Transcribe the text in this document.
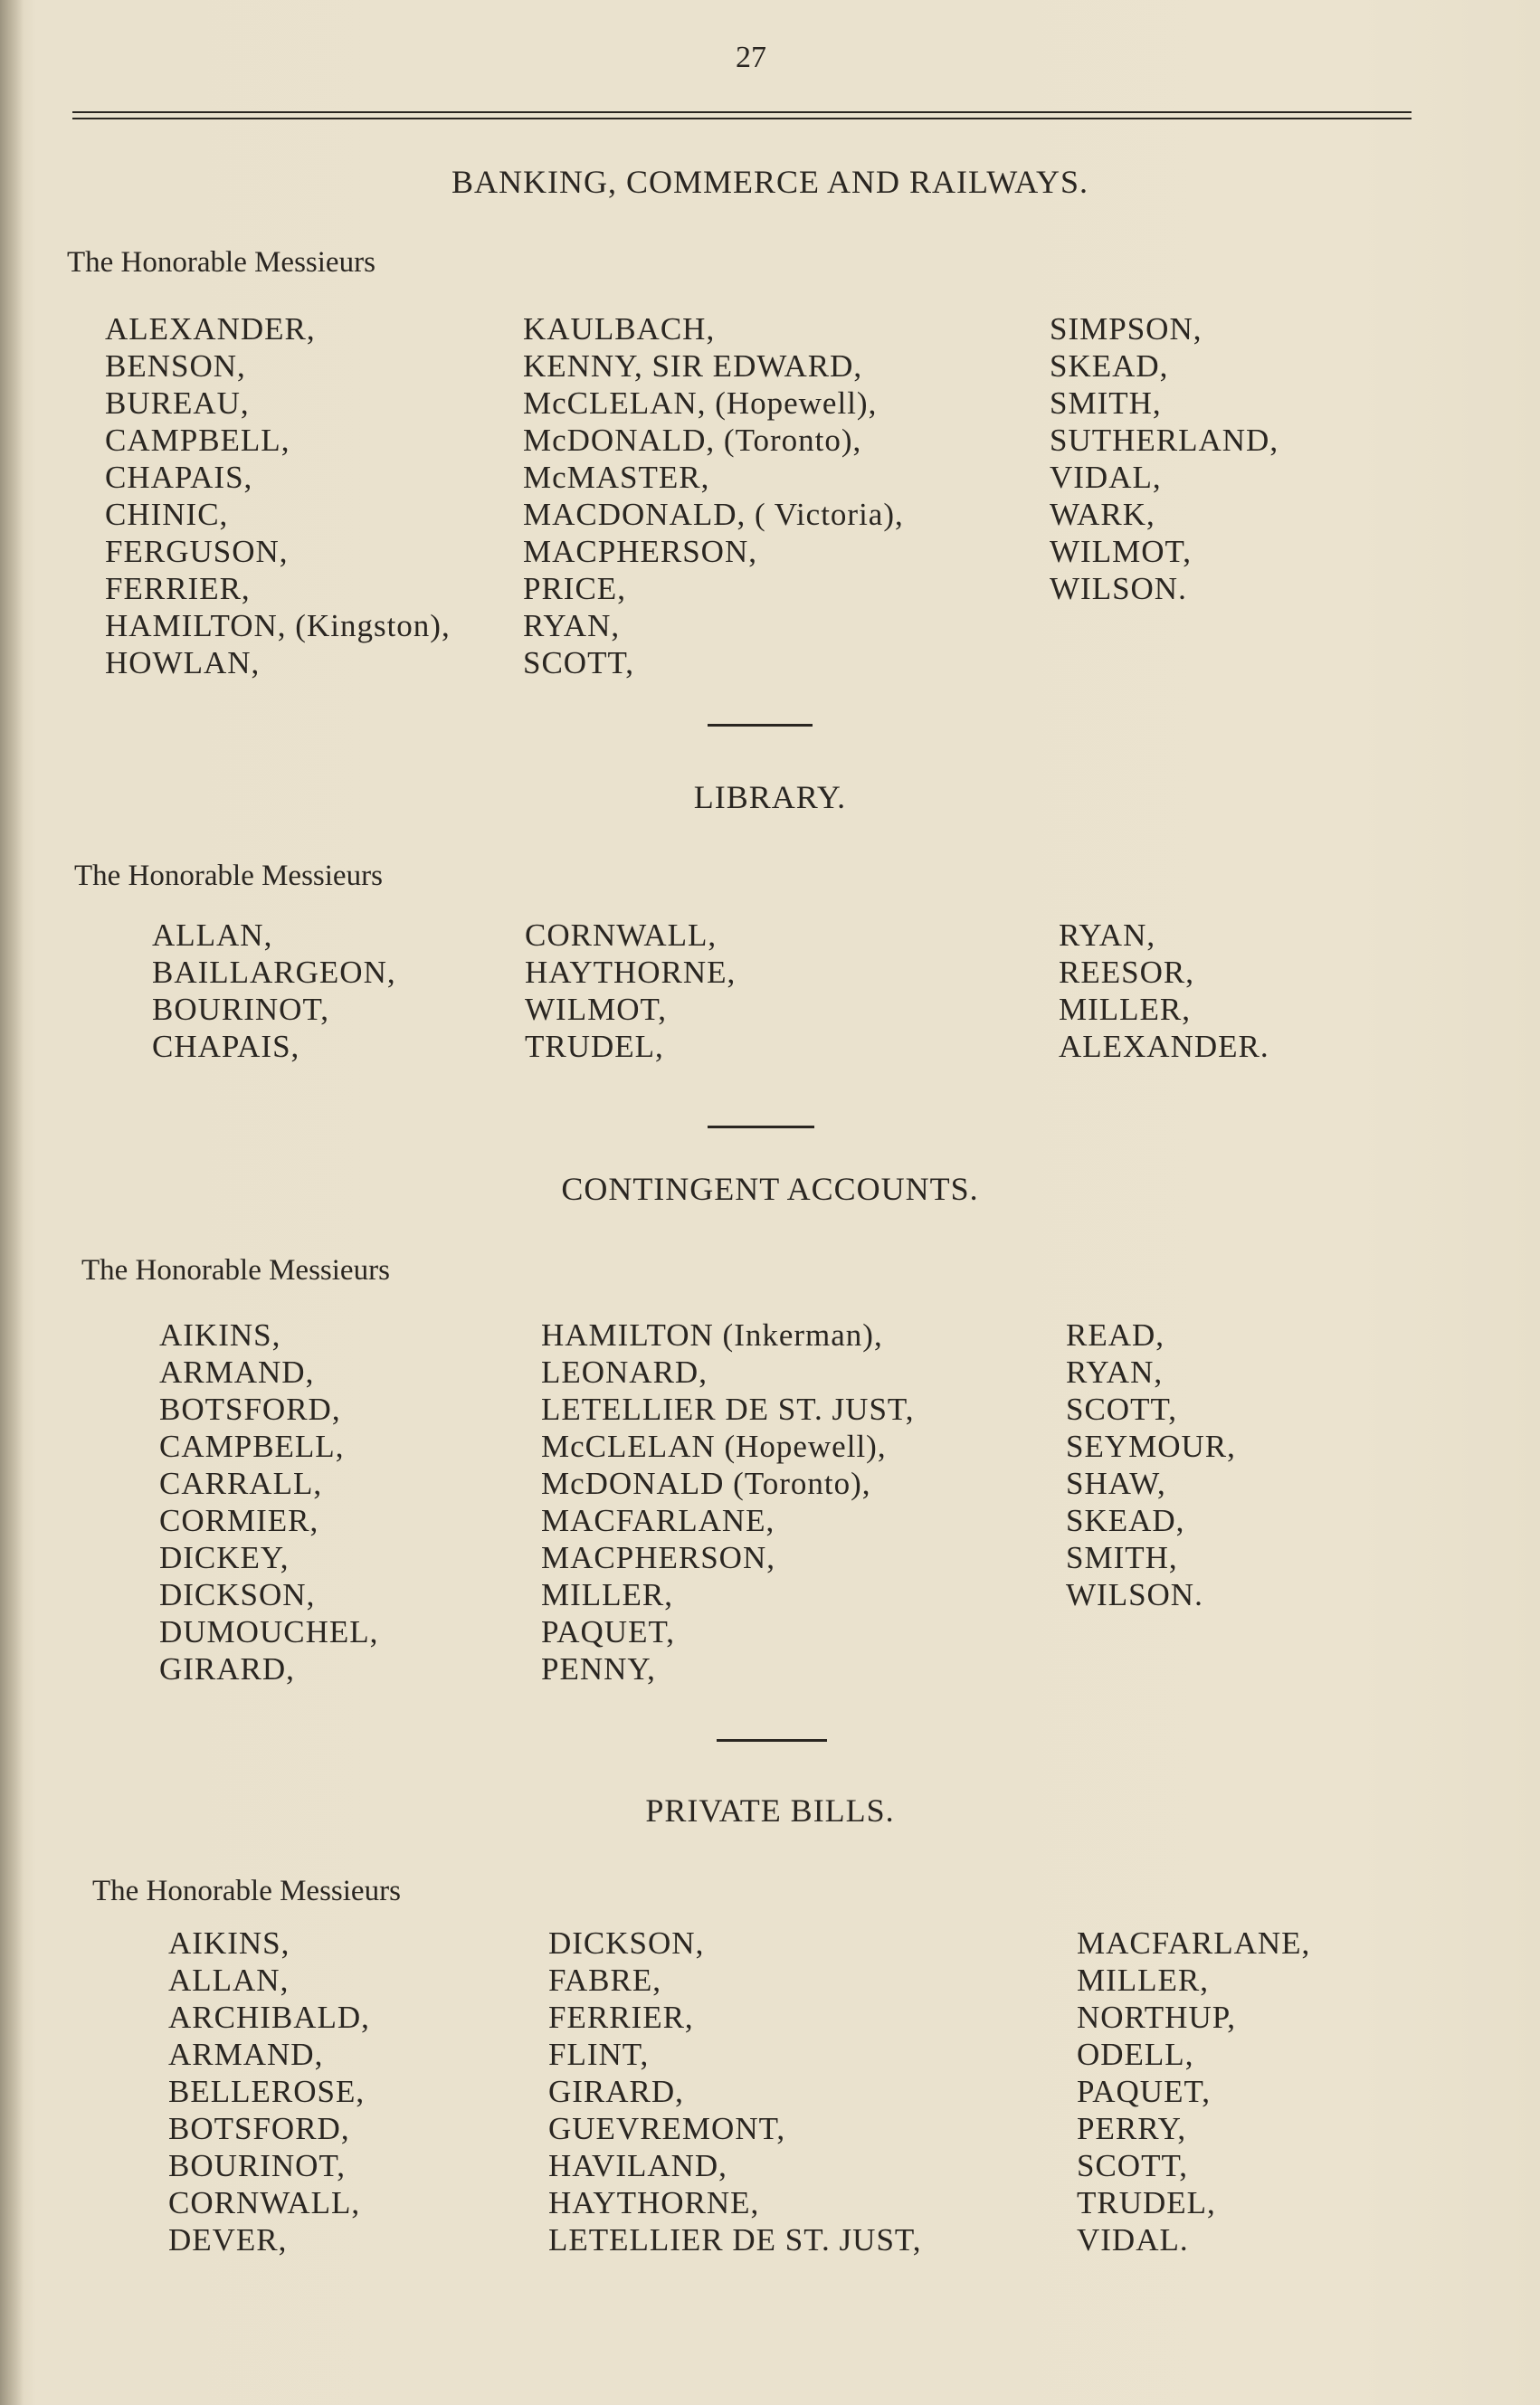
27
BANKING, COMMERCE AND RAILWAYS.
The Honorable Messieurs
ALEXANDER,
BENSON,
BUREAU,
CAMPBELL,
CHAPAIS,
CHINIC,
FERGUSON,
FERRIER,
HAMILTON, (Kingston),
HOWLAN,
KAULBACH,
KENNY, SIR EDWARD,
McCLELAN, (Hopewell),
McDONALD, (Toronto),
McMASTER,
MACDONALD, ( Victoria),
MACPHERSON,
PRICE,
RYAN,
SCOTT,
SIMPSON,
SKEAD,
SMITH,
SUTHERLAND,
VIDAL,
WARK,
WILMOT,
WILSON.
LIBRARY.
The Honorable Messieurs
ALLAN,
BAILLARGEON,
BOURINOT,
CHAPAIS,
CORNWALL,
HAYTHORNE,
WILMOT,
TRUDEL,
RYAN,
REESOR,
MILLER,
ALEXANDER.
CONTINGENT ACCOUNTS.
The Honorable Messieurs
AIKINS,
ARMAND,
BOTSFORD,
CAMPBELL,
CARRALL,
CORMIER,
DICKEY,
DICKSON,
DUMOUCHEL,
GIRARD,
HAMILTON (Inkerman),
LEONARD,
LETELLIER DE ST. JUST,
McCLELAN (Hopewell),
McDONALD (Toronto),
MACFARLANE,
MACPHERSON,
MILLER,
PAQUET,
PENNY,
READ,
RYAN,
SCOTT,
SEYMOUR,
SHAW,
SKEAD,
SMITH,
WILSON.
PRIVATE BILLS.
The Honorable Messieurs
AIKINS,
ALLAN,
ARCHIBALD,
ARMAND,
BELLEROSE,
BOTSFORD,
BOURINOT,
CORNWALL,
DEVER,
DICKSON,
FABRE,
FERRIER,
FLINT,
GIRARD,
GUEVREMONT,
HAVILAND,
HAYTHORNE,
LETELLIER DE ST. JUST,
MACFARLANE,
MILLER,
NORTHUP,
ODELL,
PAQUET,
PERRY,
SCOTT,
TRUDEL,
VIDAL.
